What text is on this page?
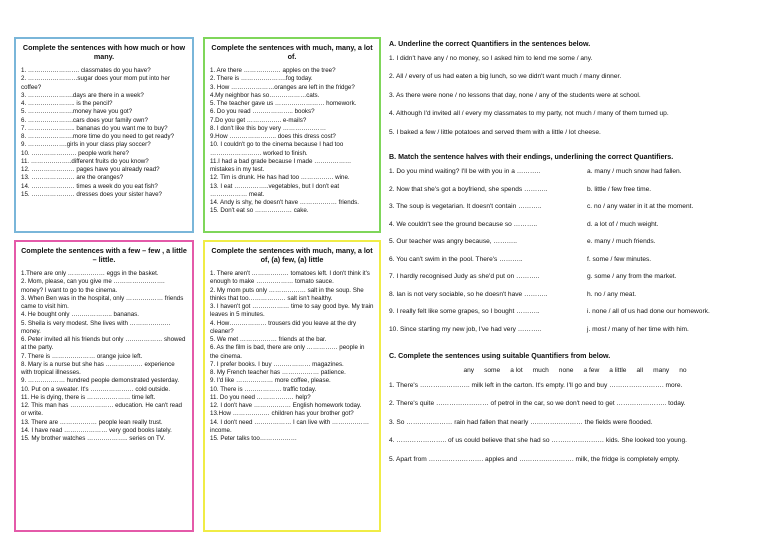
Complete the sentences with how much or how many.

1. ……………………. classmates do you have?

2. ……………………sugar does your mom put into her coffee?

3. ………………….days are there in a week?

4. ………………….. is the pencil?

5. ………………….money have you got?

6. ………………….cars does your family own?

7. ………………….. bananas do you want me to buy?

8. ………………….more time do you need to get ready?

9. ……………….girls in your class play soccer?

10. …………………. people work here?

11. ………………..different fruits do you know?

12. ………………… pages have you already read?

13. ………………… are the oranges?

14. ………………… times a week do you eat fish?

15. ………………… dresses does your sister have?

Complete the sentences with much, many, a lot of.

1. Are there ……………… apples on the tree?

2. There is ………………….fog today.

3. How …………………oranges are left in the fridge?

4.My neighbor has so………………cats.

5. The teacher gave us …………………… homework.

6. Do you read ……………….. books?

7.Do you get …………….. e-mails?

8. I don't like this boy very …………………

9.How ………………….. does this dress cost?

10. I couldn't go to the cinema because I had too ……………………. worked to finish.

11.I had a bad grade because I made ……………… mistakes in my test.

12. Tim is drunk. He has had too ……………. wine.

13. I eat ……………..vegetables, but I don't eat ……………… meat.

14. Andy is shy, he doesn't have ……………… friends.

15. Don't eat so ……………… cake.

Complete the sentences with a few – few , a little – little.

1.There are only ……………… eggs in the basket.

2. Mom, please, can you give me ……………………. money? I want to go to the cinema.

3. When Ben was in the hospital, only ……………… friends came to visit him.

4. He bought only ……………….. bananas.

5. Sheila is very modest. She lives with ……………….. money.

6. Peter invited all his friends but only ……………… showed at the party.

7. There is ………………… orange juice left.

8. Mary is a nurse but she has ……………… experience with tropical illnesses.

9. ……………… hundred people demonstrated yesterday.

10. Put on a sweater. It's ………………… cold outside.

11. He is dying, there is ………………… time left.

12. This man has ………………… education. He can't read or write.

13. There are ……………… people lean really trust.

14. I have read ………………… very good books lately.

15. My brother watches ……………….. series on TV.

Complete the sentences with much, many, a lot of, (a) few, (a) little

1. There aren't ……………… tomatoes left. I don't think it's enough to make ……………… tomato sauce.

2. My mom puts only ……………… salt in the soup. She thinks that too……………… salt isn't healthy.

3. I haven't got ……………… time to say good bye. My train leaves in 5 minutes.

4. How……………… trousers did you leave at the dry cleaner?

5. We met ……………… friends at the bar.

6. As the film is bad, there are only …………… people in the cinema.

7. I prefer books. I buy ……………… magazines.

8. My French teacher has ……………… patience.

9. I'd like ……………… more coffee, please.

10. There is ……………… traffic today.

11. Do you need ……………… help?

12. I don't have ……………… English homework today.

13.How ……………… children has your brother got?

14. I don't need ……………… I can live with ……………… income.

15. Peter talks too………………

A. Underline the correct Quantifiers in the sentences below.

1. I didn't have any / no money, so I asked him to lend me some / any.

2. All / every of us had eaten a big lunch, so we didn't want much / many dinner.

3. As there were none / no lessons that day, none / any of the students were at school.

4. Although I'd invited all / every my classmates to my party, not much / many of them turned up.

5. I baked a few / little potatoes and served them with a little / lot cheese.

B. Match the sentence halves with their endings, underlining the correct Quantifiers.
1. Do you mind waiting? I'll be with you in a ………..	a. many / much snow had fallen.
2. Now that she's got a boyfriend, she spends ………..	b. little / few free time.
3. The soup is vegetarian. It doesn't contain ………..	c. no / any water in it at the moment.
4. We couldn't see the ground because so ………..	d. a lot of / much weight.
5. Our teacher was angry because, ………..	e. many / much friends.
6. You can't swim in the pool. There's ………..	f. some / few minutes.
7. I hardly recognised Judy as she'd put on ………..	g. some / any from the market.
8. Ian is not very sociable, so he doesn't have ………..	h. no / any meat.
9. I really felt like some grapes, so I bought ………..	i. none / all of us had done our homework.
10. Since starting my new job, I've had very ………..	j. most / many of her time with him.
C. Complete the sentences using suitable Quantifiers from below.
any some a lot much none a few a little all many no

1. There's ………………….. milk left in the carton. It's empty. I'll go and buy ……………………. more.

2. There's quite …………………… of petrol in the car, so we don't need to get ………………….. today.

3. So ………………… rain had fallen that nearly …………………… the fields were flooded.

4. ………………….. of us could believe that she had so …………………… kids. She looked too young.

5. Apart from ……………………. apples and ……………………. milk, the fridge is completely empty.
